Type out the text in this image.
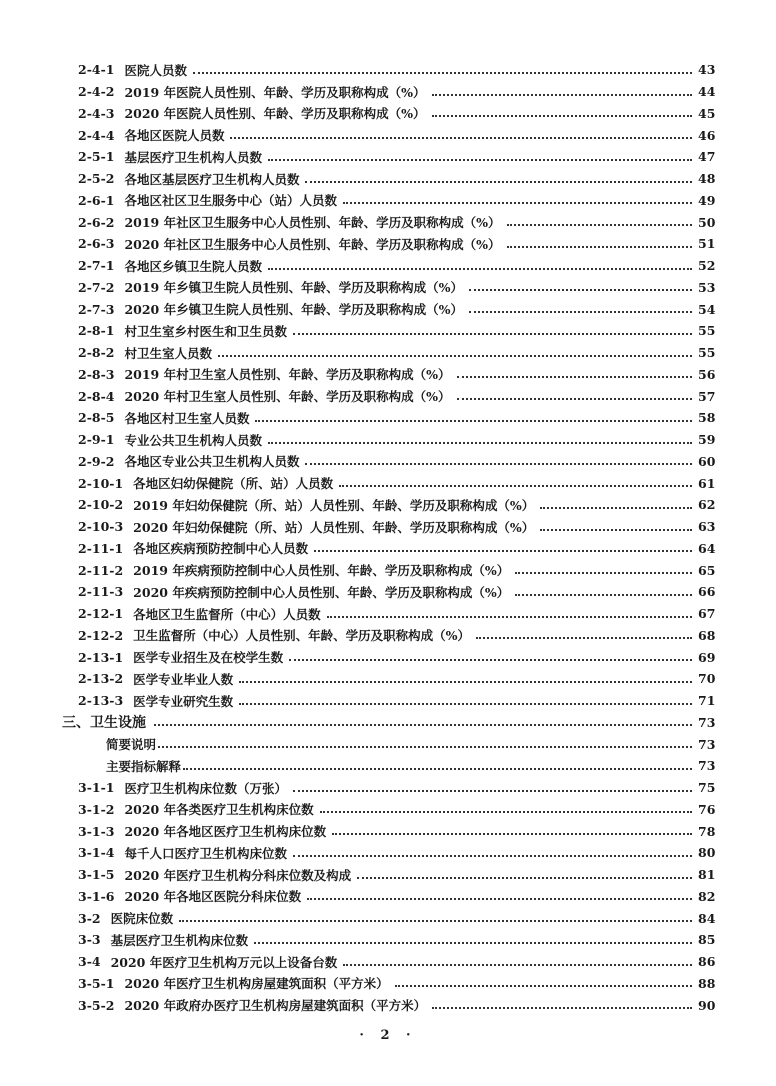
2-4-1 医院人员数	43
2-4-2 2019 年医院人员性别、年龄、学历及职称构成（%）	44
2-4-3 2020 年医院人员性别、年龄、学历及职称构成（%）	45
2-4-4 各地区医院人员数	46
2-5-1 基层医疗卫生机构人员数	47
2-5-2 各地区基层医疗卫生机构人员数	48
2-6-1 各地区社区卫生服务中心（站）人员数	49
2-6-2 2019 年社区卫生服务中心人员性别、年龄、学历及职称构成（%）	50
2-6-3 2020 年社区卫生服务中心人员性别、年龄、学历及职称构成（%）	51
2-7-1 各地区乡镇卫生院人员数	52
2-7-2 2019 年乡镇卫生院人员性别、年龄、学历及职称构成（%）	53
2-7-3 2020 年乡镇卫生院人员性别、年龄、学历及职称构成（%）	54
2-8-1 村卫生室乡村医生和卫生员数	55
2-8-2 村卫生室人员数	55
2-8-3 2019 年村卫生室人员性别、年龄、学历及职称构成（%）	56
2-8-4 2020 年村卫生室人员性别、年龄、学历及职称构成（%）	57
2-8-5 各地区村卫生室人员数	58
2-9-1 专业公共卫生机构人员数	59
2-9-2 各地区专业公共卫生机构人员数	60
2-10-1 各地区妇幼保健院（所、站）人员数	61
2-10-2 2019 年妇幼保健院（所、站）人员性别、年龄、学历及职称构成（%）	62
2-10-3 2020 年妇幼保健院（所、站）人员性别、年龄、学历及职称构成（%）	63
2-11-1 各地区疾病预防控制中心人员数	64
2-11-2 2019 年疾病预防控制中心人员性别、年龄、学历及职称构成（%）	65
2-11-3 2020 年疾病预防控制中心人员性别、年龄、学历及职称构成（%）	66
2-12-1 各地区卫生监督所（中心）人员数	67
2-12-2 卫生监督所（中心）人员性别、年龄、学历及职称构成（%）	68
2-13-1 医学专业招生及在校学生数	69
2-13-2 医学专业毕业人数	70
2-13-3 医学专业研究生数	71
三、 卫生设施	73
简要说明	73
主要指标解释	73
3-1-1 医疗卫生机构床位数（万张）	75
3-1-2 2020 年各类医疗卫生机构床位数	76
3-1-3 2020 年各地区医疗卫生机构床位数	78
3-1-4 每千人口医疗卫生机构床位数	80
3-1-5 2020 年医疗卫生机构分科床位数及构成	81
3-1-6 2020 年各地区医院分科床位数	82
3-2 医院床位数	84
3-3 基层医疗卫生机构床位数	85
3-4 2020 年医疗卫生机构万元以上设备台数	86
3-5-1 2020 年医疗卫生机构房屋建筑面积（平方米）	88
3-5-2 2020 年政府办医疗卫生机构房屋建筑面积（平方米）	90
· 2 ·
